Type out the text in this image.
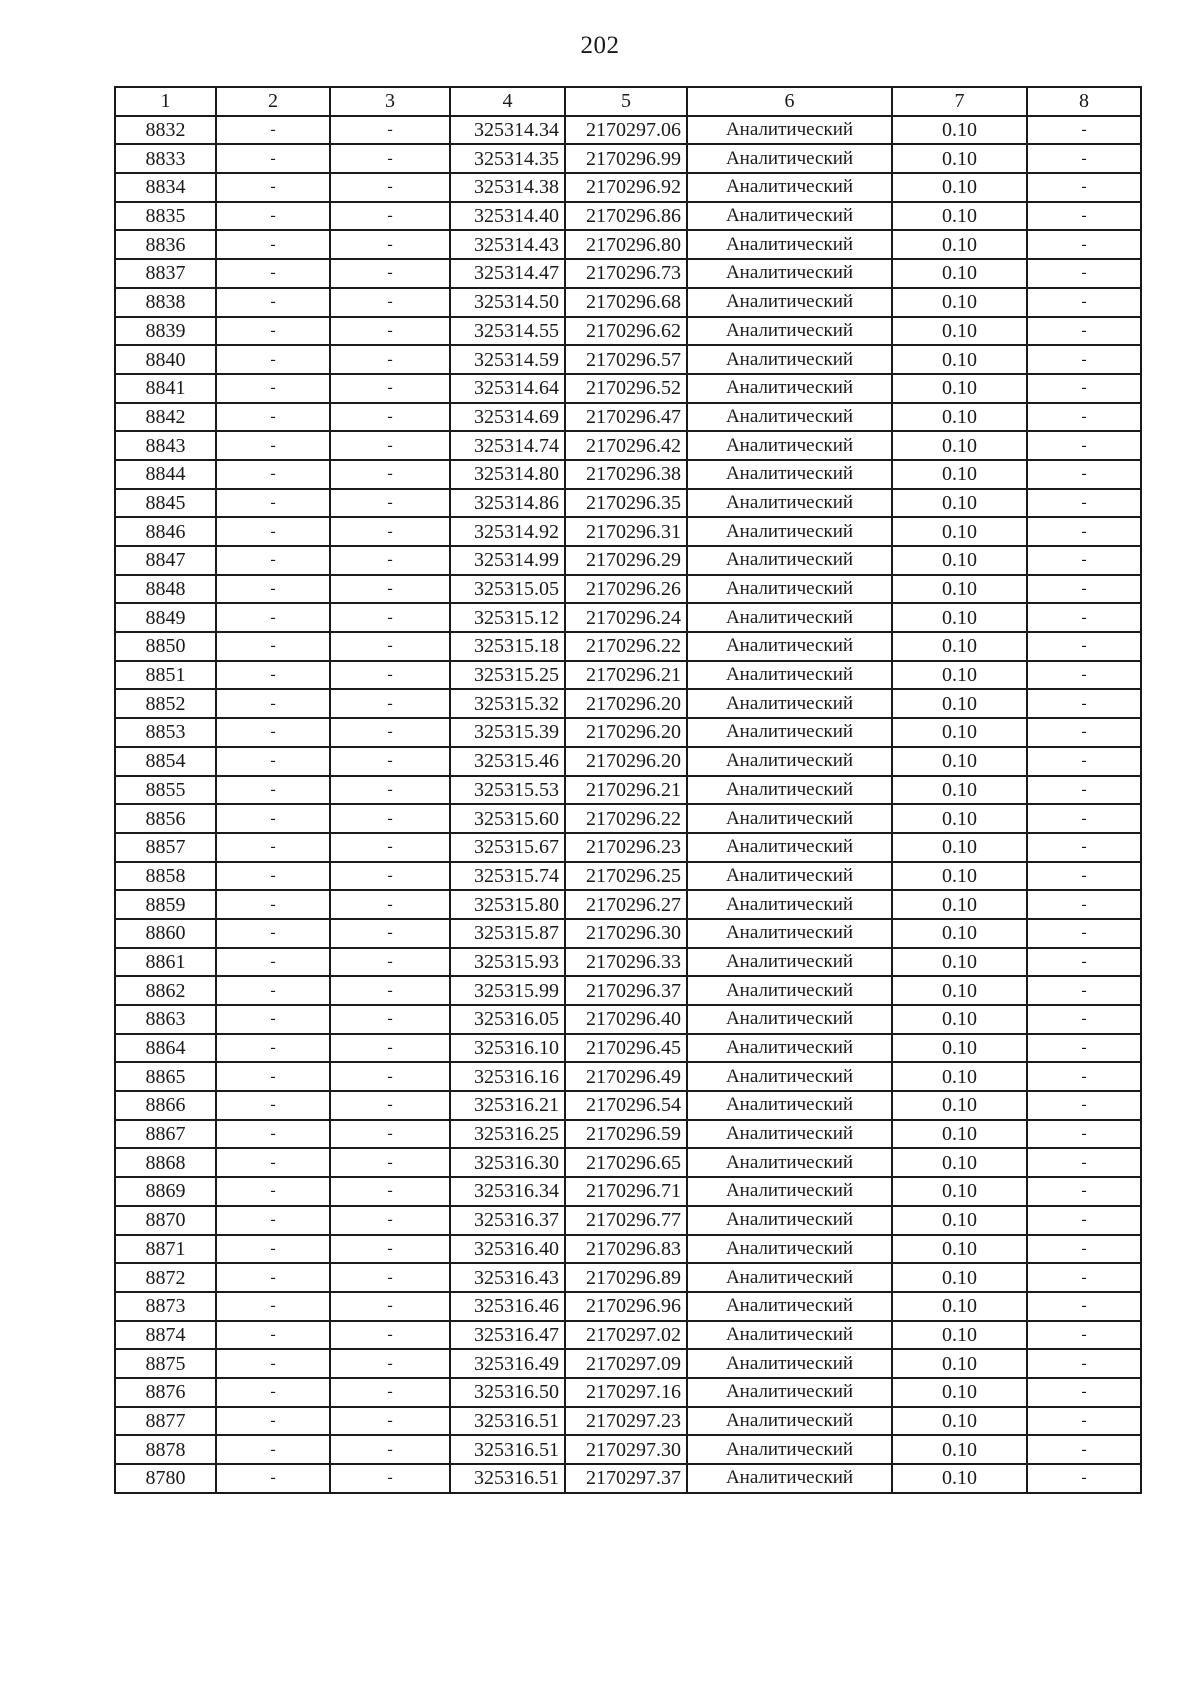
202
1	2	3	4	5	6	7	8
8832	-	-	325314.34	2170297.06	Аналитический	0.10	-
8833	-	-	325314.35	2170296.99	Аналитический	0.10	-
8834	-	-	325314.38	2170296.92	Аналитический	0.10	-
8835	-	-	325314.40	2170296.86	Аналитический	0.10	-
8836	-	-	325314.43	2170296.80	Аналитический	0.10	-
8837	-	-	325314.47	2170296.73	Аналитический	0.10	-
8838	-	-	325314.50	2170296.68	Аналитический	0.10	-
8839	-	-	325314.55	2170296.62	Аналитический	0.10	-
8840	-	-	325314.59	2170296.57	Аналитический	0.10	-
8841	-	-	325314.64	2170296.52	Аналитический	0.10	-
8842	-	-	325314.69	2170296.47	Аналитический	0.10	-
8843	-	-	325314.74	2170296.42	Аналитический	0.10	-
8844	-	-	325314.80	2170296.38	Аналитический	0.10	-
8845	-	-	325314.86	2170296.35	Аналитический	0.10	-
8846	-	-	325314.92	2170296.31	Аналитический	0.10	-
8847	-	-	325314.99	2170296.29	Аналитический	0.10	-
8848	-	-	325315.05	2170296.26	Аналитический	0.10	-
8849	-	-	325315.12	2170296.24	Аналитический	0.10	-
8850	-	-	325315.18	2170296.22	Аналитический	0.10	-
8851	-	-	325315.25	2170296.21	Аналитический	0.10	-
8852	-	-	325315.32	2170296.20	Аналитический	0.10	-
8853	-	-	325315.39	2170296.20	Аналитический	0.10	-
8854	-	-	325315.46	2170296.20	Аналитический	0.10	-
8855	-	-	325315.53	2170296.21	Аналитический	0.10	-
8856	-	-	325315.60	2170296.22	Аналитический	0.10	-
8857	-	-	325315.67	2170296.23	Аналитический	0.10	-
8858	-	-	325315.74	2170296.25	Аналитический	0.10	-
8859	-	-	325315.80	2170296.27	Аналитический	0.10	-
8860	-	-	325315.87	2170296.30	Аналитический	0.10	-
8861	-	-	325315.93	2170296.33	Аналитический	0.10	-
8862	-	-	325315.99	2170296.37	Аналитический	0.10	-
8863	-	-	325316.05	2170296.40	Аналитический	0.10	-
8864	-	-	325316.10	2170296.45	Аналитический	0.10	-
8865	-	-	325316.16	2170296.49	Аналитический	0.10	-
8866	-	-	325316.21	2170296.54	Аналитический	0.10	-
8867	-	-	325316.25	2170296.59	Аналитический	0.10	-
8868	-	-	325316.30	2170296.65	Аналитический	0.10	-
8869	-	-	325316.34	2170296.71	Аналитический	0.10	-
8870	-	-	325316.37	2170296.77	Аналитический	0.10	-
8871	-	-	325316.40	2170296.83	Аналитический	0.10	-
8872	-	-	325316.43	2170296.89	Аналитический	0.10	-
8873	-	-	325316.46	2170296.96	Аналитический	0.10	-
8874	-	-	325316.47	2170297.02	Аналитический	0.10	-
8875	-	-	325316.49	2170297.09	Аналитический	0.10	-
8876	-	-	325316.50	2170297.16	Аналитический	0.10	-
8877	-	-	325316.51	2170297.23	Аналитический	0.10	-
8878	-	-	325316.51	2170297.30	Аналитический	0.10	-
8780	-	-	325316.51	2170297.37	Аналитический	0.10	-
